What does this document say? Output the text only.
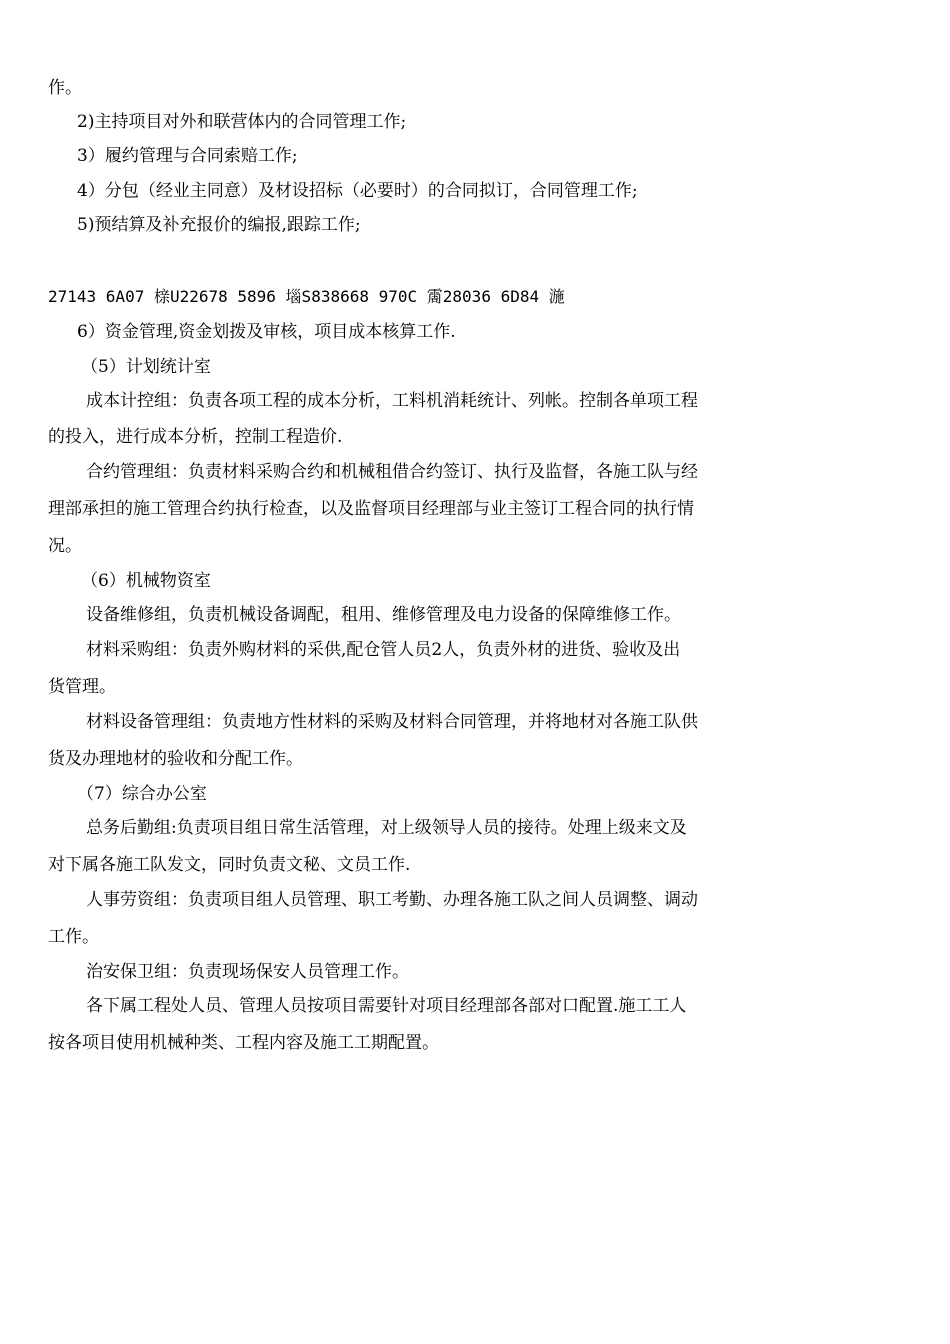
作。
2)主持项目对外和联营体内的合同管理工作;
3）履约管理与合同索赔工作;
4）分包（经业主同意）及材设招标（必要时）的合同拟订，合同管理工作;
5)预结算及补充报价的编报,跟踪工作;
27143 6A07 榇U22678 5896 堖S838668 970C 霌28036 6D84 湤
6）资金管理,资金划拨及审核，项目成本核算工作.
（5）计划统计室
成本计控组：负责各项工程的成本分析，工料机消耗统计、列帐。控制各单项工程
的投入，进行成本分析，控制工程造价.
合约管理组：负责材料采购合约和机械租借合约签订、执行及监督，各施工队与经
理部承担的施工管理合约执行检查，以及监督项目经理部与业主签订工程合同的执行情
况。
（6）机械物资室
设备维修组，负责机械设备调配，租用、维修管理及电力设备的保障维修工作。
材料采购组：负责外购材料的采供,配仓管人员2人，负责外材的进货、验收及出
货管理。
材料设备管理组：负责地方性材料的采购及材料合同管理，并将地材对各施工队供
货及办理地材的验收和分配工作。
（7）综合办公室
总务后勤组:负责项目组日常生活管理，对上级领导人员的接待。处理上级来文及
对下属各施工队发文，同时负责文秘、文员工作.
人事劳资组：负责项目组人员管理、职工考勤、办理各施工队之间人员调整、调动
工作。
治安保卫组：负责现场保安人员管理工作。
各下属工程处人员、管理人员按项目需要针对项目经理部各部对口配置.施工工人
按各项目使用机械种类、工程内容及施工工期配置。
